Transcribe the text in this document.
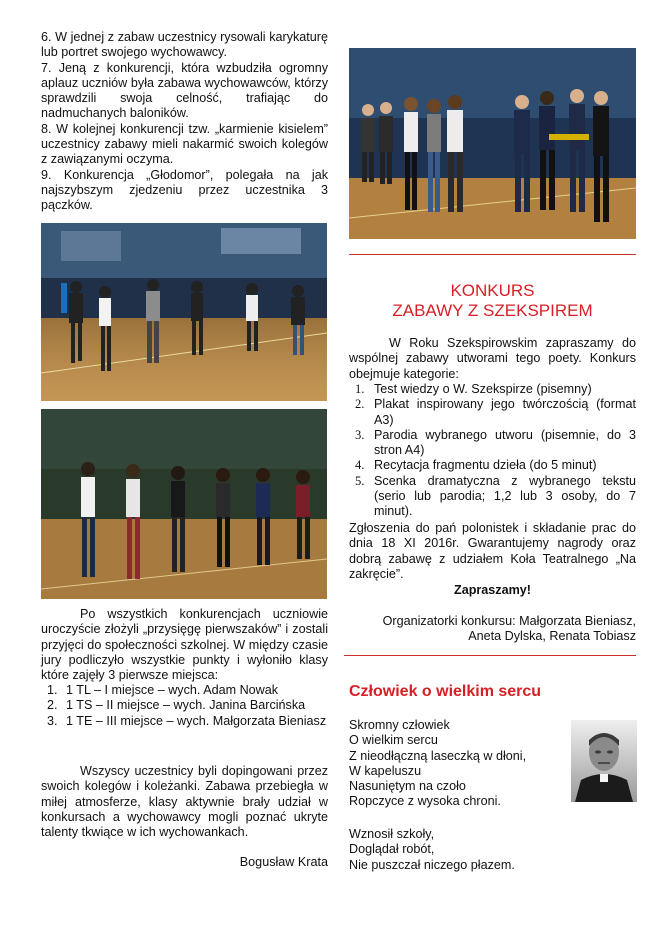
6. W jednej z zabaw uczestnicy rysowali karykaturę lub portret swojego wychowawcy.

7. Jeną z konkurencji, która wzbudziła ogromny aplauz uczniów była zabawa wychowawców, którzy sprawdzili swoja celność, trafiając do nadmuchanych baloników.

8. W kolejnej konkurencji tzw. „karmienie kisielem” uczestnicy zabawy mieli nakarmić swoich kolegów z zawiązanymi oczyma.

9. Konkurencja „Głodomor”, polegała na jak najszybszym zjedzeniu przez uczestnika 3 pączków.

Po wszystkich konkurencjach uczniowie uroczyście złożyli „przysięgę pierwszaków” i zostali przyjęci do społeczności szkolnej. W między czasie jury podliczyło wszystkie punkty i wyłoniło klasy które zajęły 3 pierwsze miejsca:

1. 1 TL – I miejsce – wych. Adam Nowak
2. 1 TS – II miejsce – wych. Janina Barcińska
3. 1 TE – III miejsce – wych. Małgorzata Bieniasz

Wszyscy uczestnicy byli dopingowani przez swoich kolegów i koleżanki. Zabawa przebiegła w miłej atmosferze, klasy aktywnie brały udział w konkursach a wychowawcy mogli poznać ukryte talenty tkwiące w ich wychowankach.

Bogusław Krata
KONKURS
ZABAWY Z SZEKSPIREM

W Roku Szekspirowskim zapraszamy do wspólnej zabawy utworami tego poety. Konkurs obejmuje kategorie:

1. Test wiedzy o W. Szekspirze (pisemny)
2. Plakat inspirowany jego twórczością (format A3)
3. Parodia wybranego utworu (pisemnie, do 3 stron A4)
4. Recytacja fragmentu dzieła (do 5 minut)
5. Scenka dramatyczna z wybranego tekstu (serio lub parodia; 1,2 lub 3 osoby, do 7 minut).

Zgłoszenia do pań polonistek i składanie prac do dnia 18 XI 2016r. Gwarantujemy nagrody oraz dobrą zabawę z udziałem Koła Teatralnego „Na zakręcie”.

Zapraszamy!
Organizatorki konkursu: Małgorzata Bieniasz,
Aneta Dylska, Renata Tobiasz
Człowiek o wielkim sercu
Skromny człowiek
O wielkim sercu
Z nieodłączną laseczką w dłoni,
W kapeluszu
Nasuniętym na czoło
Ropczyce z wysoka chroni.
Wznosił szkoły,
Doglądał robót,
Nie puszczał niczego płazem.
